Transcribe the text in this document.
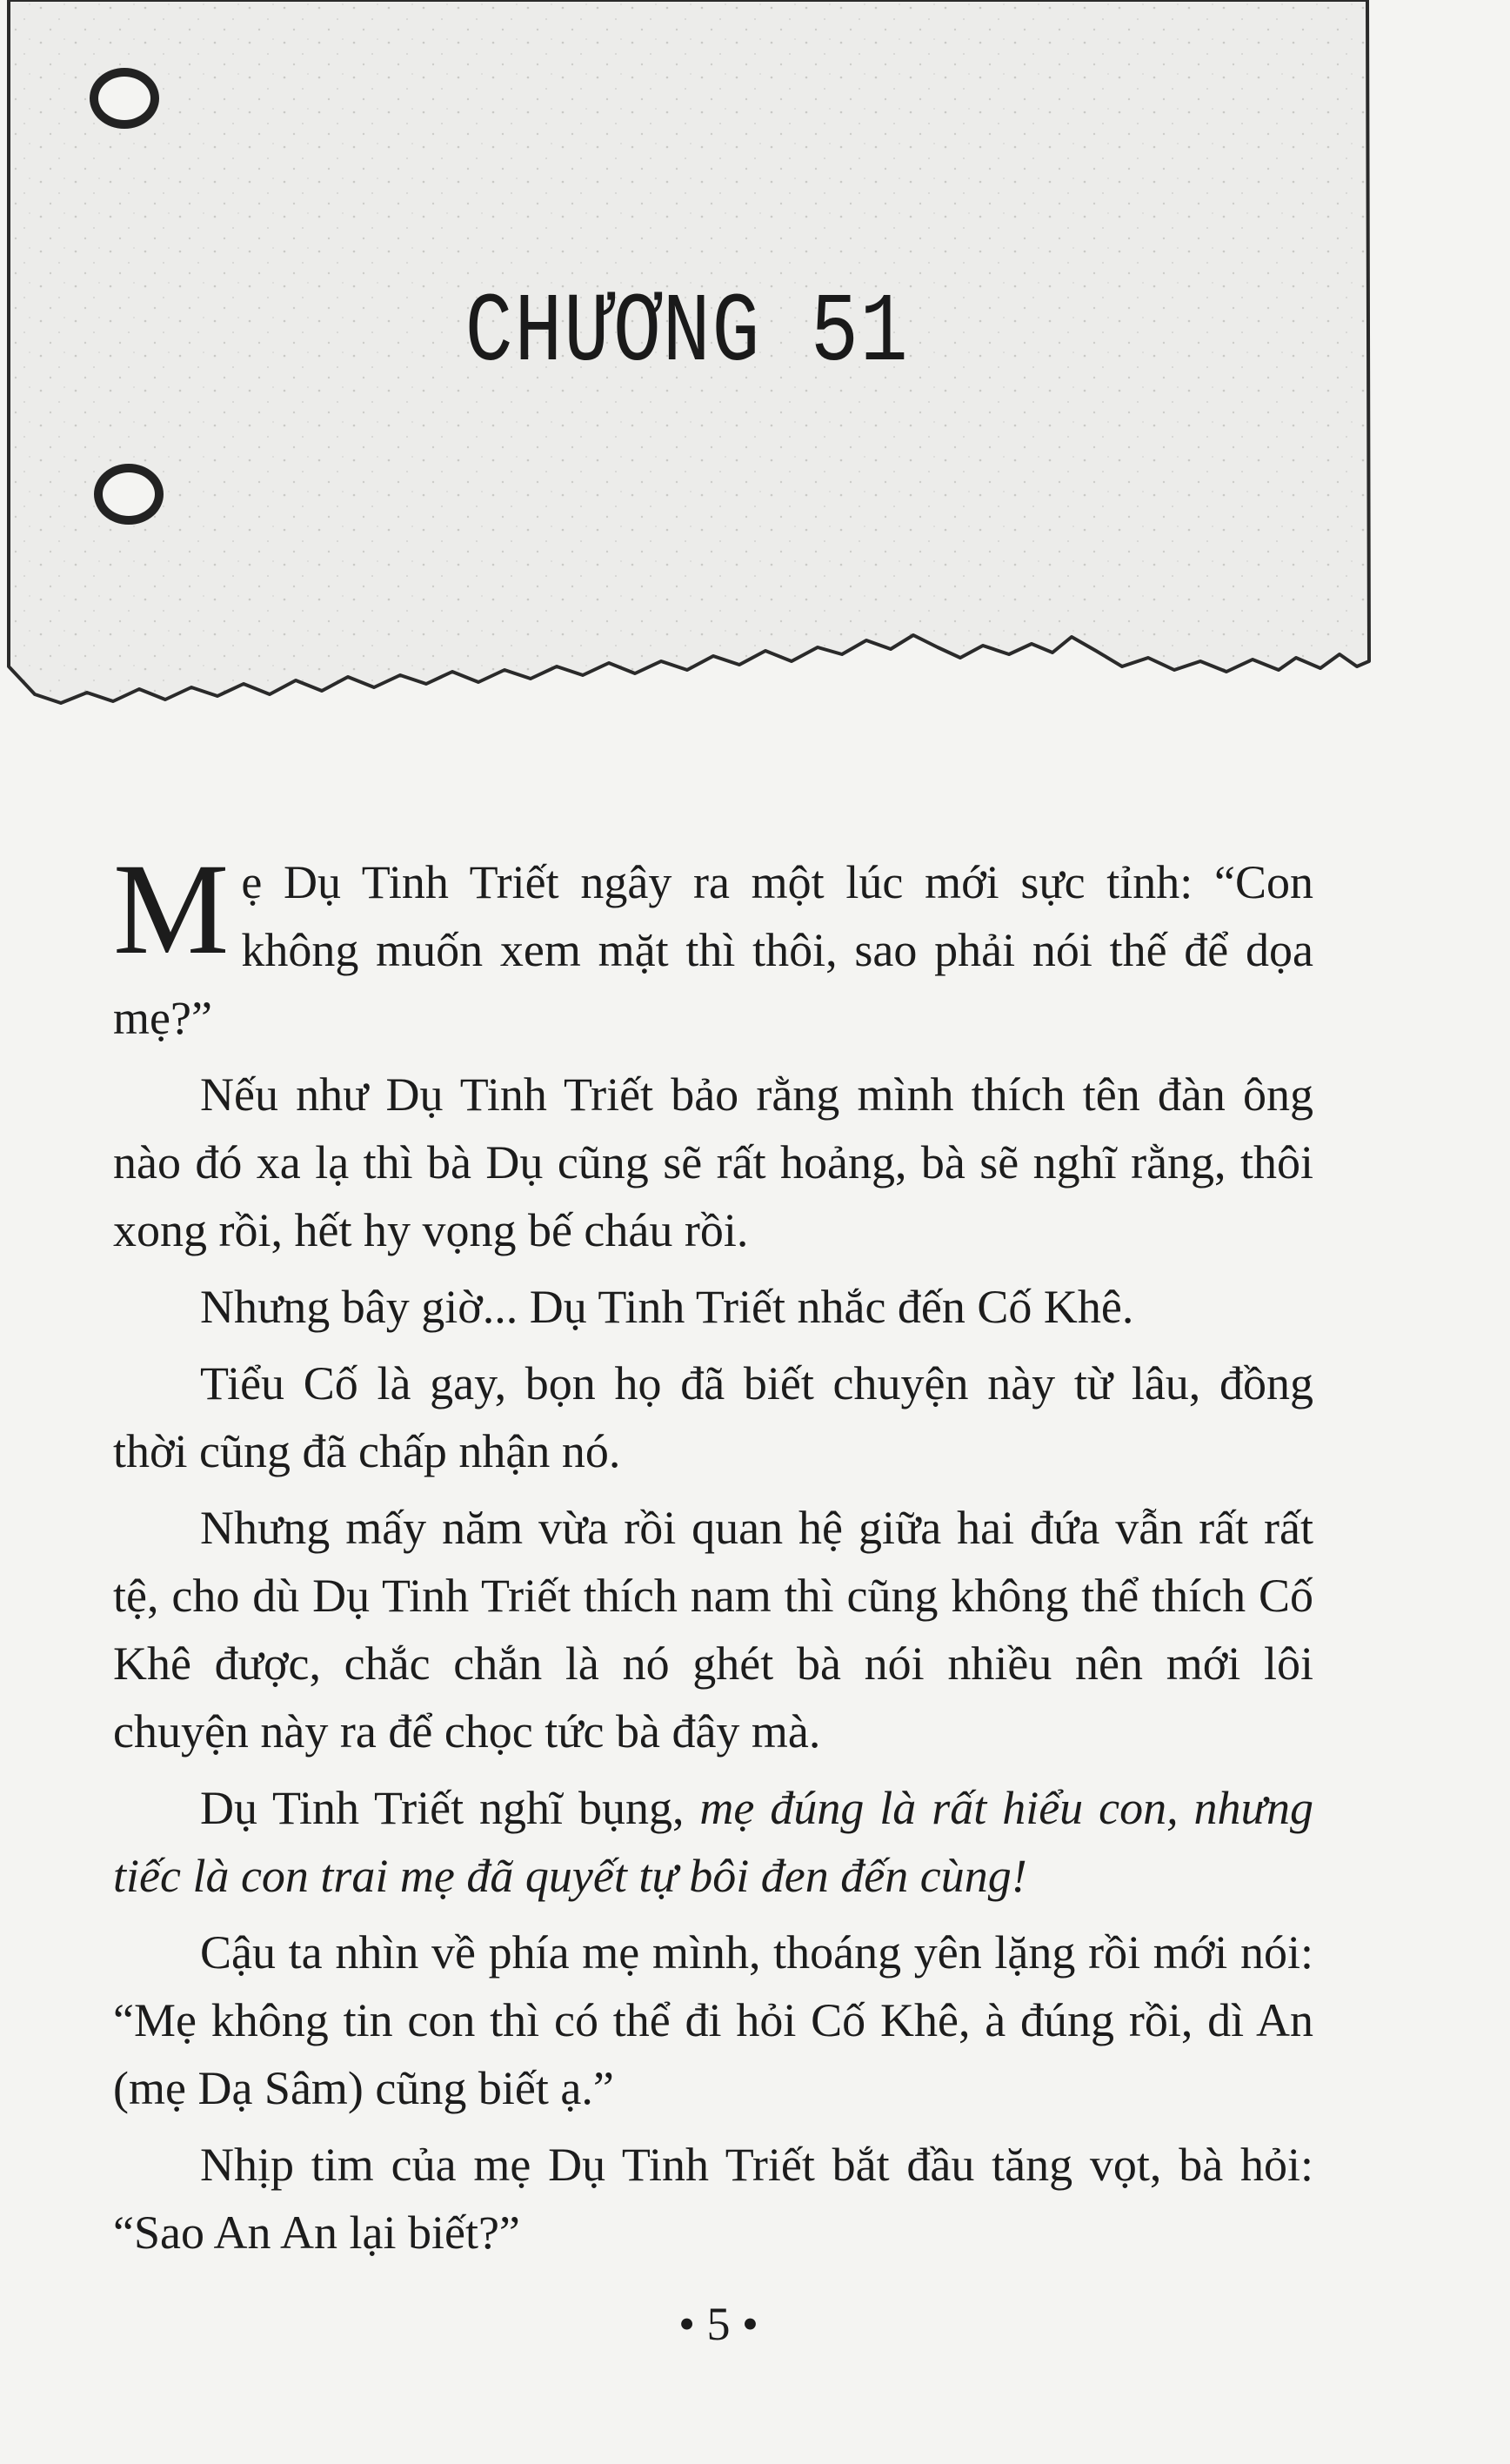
CHƯƠNG 51

Mẹ Dụ Tinh Triết ngây ra một lúc mới sực tỉnh: “Con không muốn xem mặt thì thôi, sao phải nói thế để dọa mẹ?”

Nếu như Dụ Tinh Triết bảo rằng mình thích tên đàn ông nào đó xa lạ thì bà Dụ cũng sẽ rất hoảng, bà sẽ nghĩ rằng, thôi xong rồi, hết hy vọng bế cháu rồi.

Nhưng bây giờ... Dụ Tinh Triết nhắc đến Cố Khê.

Tiểu Cố là gay, bọn họ đã biết chuyện này từ lâu, đồng thời cũng đã chấp nhận nó.

Nhưng mấy năm vừa rồi quan hệ giữa hai đứa vẫn rất rất tệ, cho dù Dụ Tinh Triết thích nam thì cũng không thể thích Cố Khê được, chắc chắn là nó ghét bà nói nhiều nên mới lôi chuyện này ra để chọc tức bà đây mà.

Dụ Tinh Triết nghĩ bụng, mẹ đúng là rất hiểu con, nhưng tiếc là con trai mẹ đã quyết tự bôi đen đến cùng!

Cậu ta nhìn về phía mẹ mình, thoáng yên lặng rồi mới nói: “Mẹ không tin con thì có thể đi hỏi Cố Khê, à đúng rồi, dì An (mẹ Dạ Sâm) cũng biết ạ.”

Nhịp tim của mẹ Dụ Tinh Triết bắt đầu tăng vọt, bà hỏi: “Sao An An lại biết?”

• 5 •
